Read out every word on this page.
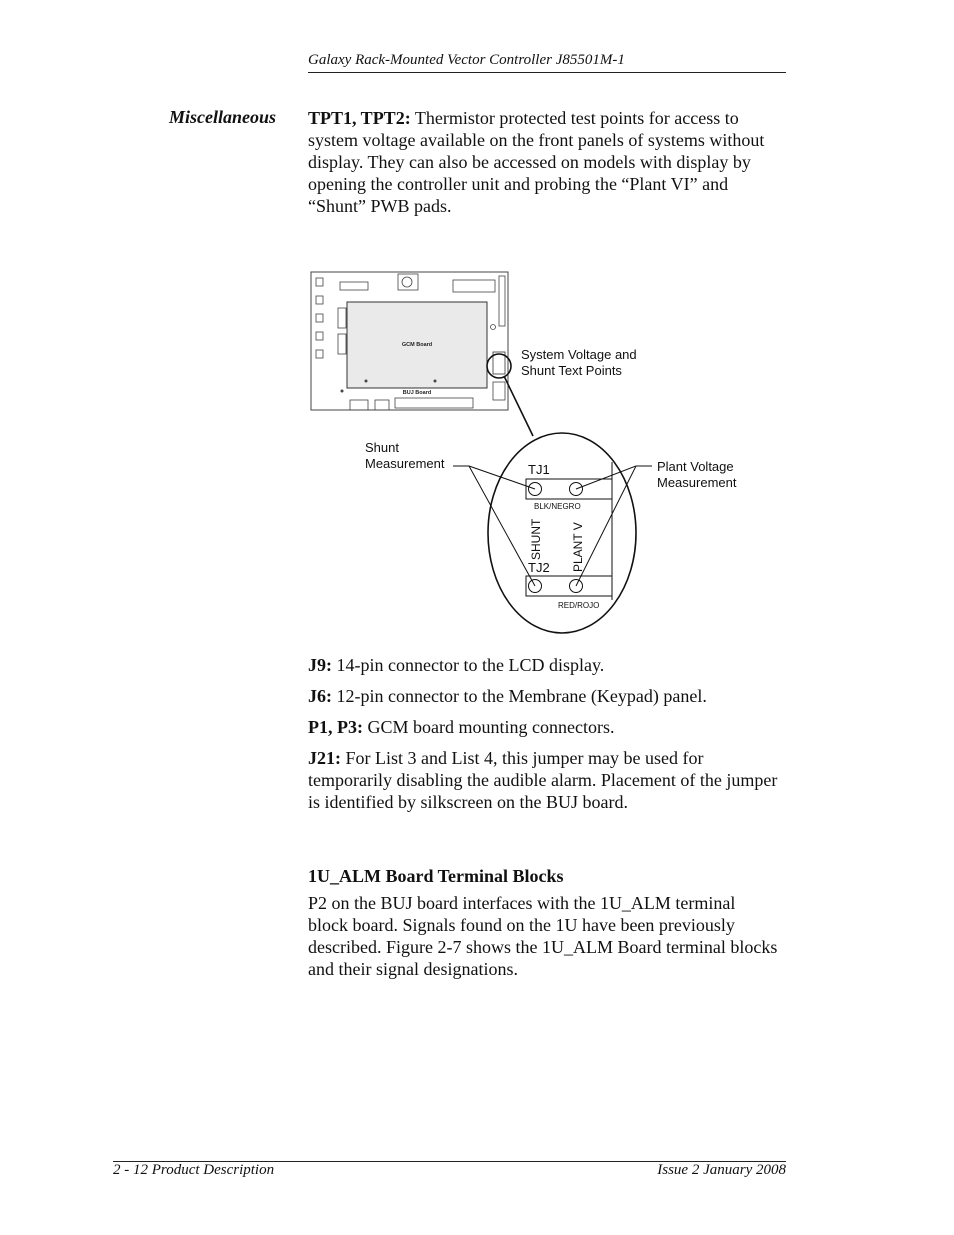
Galaxy Rack-Mounted Vector Controller J85501M-1
Miscellaneous TPT1, TPT2: Thermistor protected test points for access to system voltage available on the front panels of systems without display. They can also be accessed on models with display by opening the controller unit and probing the “Plant VI” and “Shunt” PWB pads.
GCM Board
BUJ Board
System Voltage and
Shunt Text Points
TJ1
BLK/NEGRO
TJ2
RED/ROJO
SHUNT PLANT V
Shunt
Measurement	Plant Voltage
Measurement
J9: 14-pin connector to the LCD display.
J6: 12-pin connector to the Membrane (Keypad) panel.
P1, P3: GCM board mounting connectors.
J21: For List 3 and List 4, this jumper may be used for temporarily disabling the audible alarm. Placement of the jumper is identified by silkscreen on the BUJ board.
1U_ALM Board Terminal Blocks
P2 on the BUJ board interfaces with the 1U_ALM terminal block board. Signals found on the 1U have been previously described. Figure 2-7 shows the 1U_ALM Board terminal blocks and their signal designations.
2 - 12 Product Description	Issue 2 January 2008
